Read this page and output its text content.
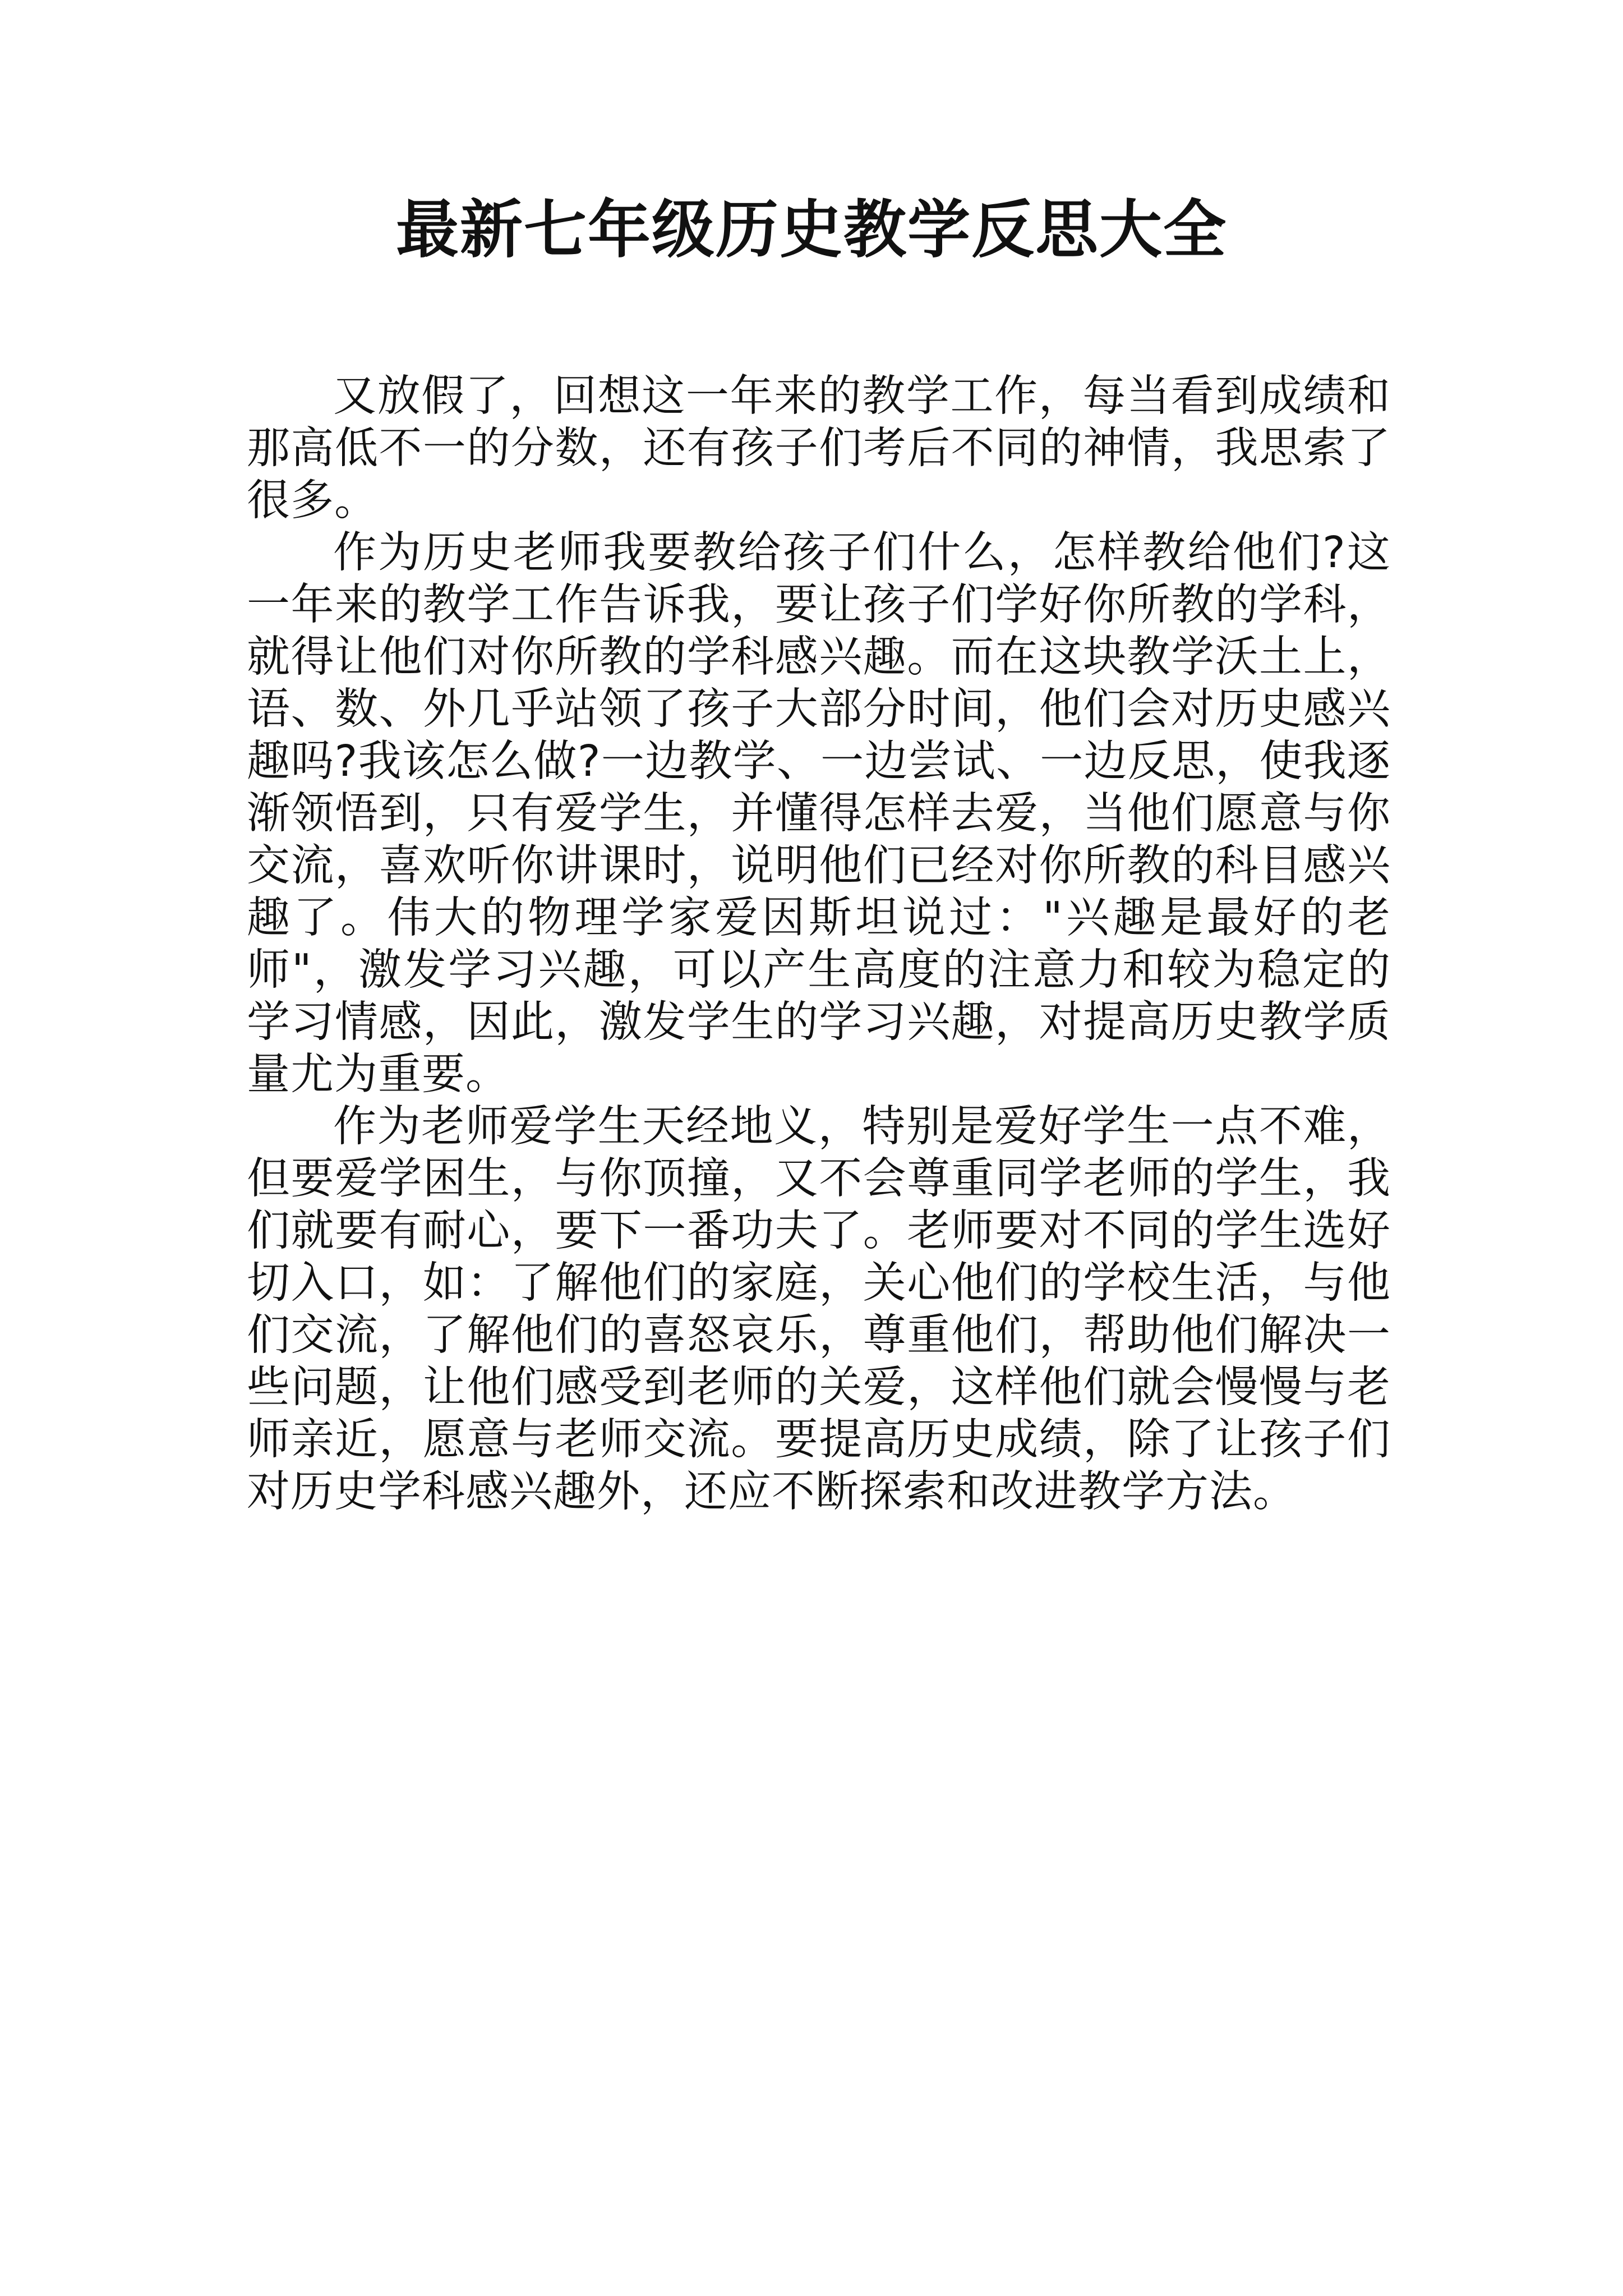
最新七年级历史教学反思大全

又放假了，回想这一年来的教学工作，每当看到成绩和那高低不一的分数，还有孩子们考后不同的神情，我思索了很多。

作为历史老师我要教给孩子们什么，怎样教给他们?这一年来的教学工作告诉我，要让孩子们学好你所教的学科，就得让他们对你所教的学科感兴趣。而在这块教学沃土上，语、数、外几乎站领了孩子大部分时间，他们会对历史感兴趣吗?我该怎么做?一边教学、一边尝试、一边反思，使我逐渐领悟到，只有爱学生，并懂得怎样去爱，当他们愿意与你交流，喜欢听你讲课时，说明他们已经对你所教的科目感兴趣了。伟大的物理学家爱因斯坦说过："兴趣是最好的老师"，激发学习兴趣，可以产生高度的注意力和较为稳定的学习情感，因此，激发学生的学习兴趣，对提高历史教学质量尤为重要。

作为老师爱学生天经地义，特别是爱好学生一点不难，但要爱学困生，与你顶撞，又不会尊重同学老师的学生，我们就要有耐心，要下一番功夫了。老师要对不同的学生选好切入口，如：了解他们的家庭，关心他们的学校生活，与他们交流，了解他们的喜怒哀乐，尊重他们，帮助他们解决一些问题，让他们感受到老师的关爱，这样他们就会慢慢与老师亲近，愿意与老师交流。要提高历史成绩，除了让孩子们对历史学科感兴趣外，还应不断探索和改进教学方法。
